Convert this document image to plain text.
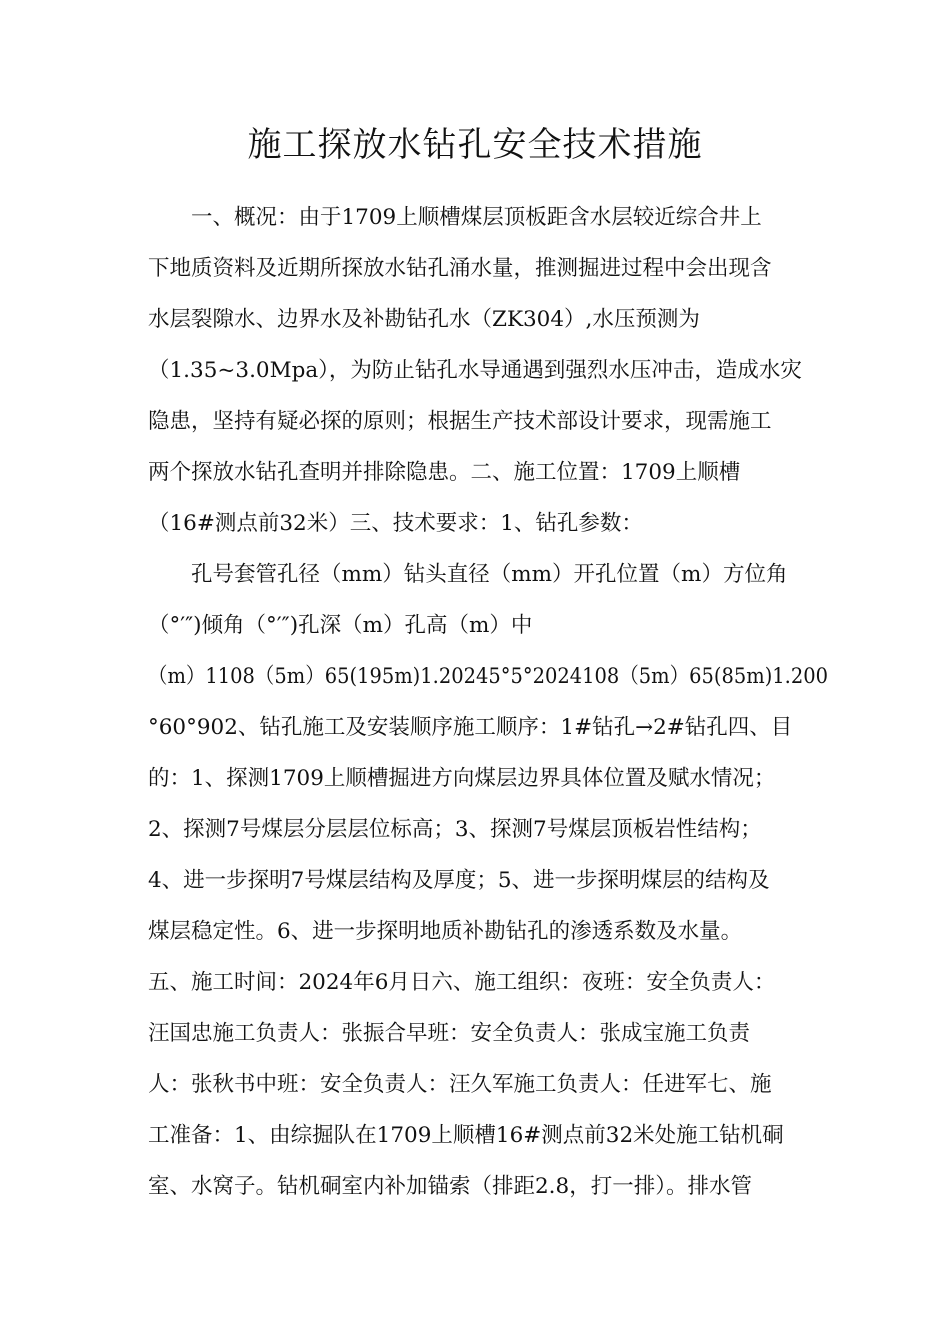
施工探放水钻孔安全技术措施
一、概况：由于1709上顺槽煤层顶板距含水层较近综合井上
下地质资料及近期所探放水钻孔涌水量，推测掘进过程中会出现含
水层裂隙水、边界水及补勘钻孔水（ZK304）,水压预测为
（1.35~3.0Mpa），为防止钻孔水导通遇到强烈水压冲击，造成水灾
隐患，坚持有疑必探的原则；根据生产技术部设计要求，现需施工
两个探放水钻孔查明并排除隐患。二、施工位置：1709上顺槽
（16#测点前32米）三、技术要求：1、钻孔参数：
孔号套管孔径（mm）钻头直径（mm）开孔位置（m）方位角
（°′″)倾角（°′″)孔深（m）孔高（m）中
（m）1108（5m）65(195m)1.20245°5°2024108（5m）65(85m)1.200
°60°902、钻孔施工及安装顺序施工顺序：1#钻孔→2#钻孔四、目
的：1、探测1709上顺槽掘进方向煤层边界具体位置及赋水情况；
2、探测7号煤层分层层位标高；3、探测7号煤层顶板岩性结构；
4、进一步探明7号煤层结构及厚度；5、进一步探明煤层的结构及
煤层稳定性。6、进一步探明地质补勘钻孔的渗透系数及水量。
五、施工时间：2024年6月日六、施工组织：夜班：安全负责人：
汪国忠施工负责人：张振合早班：安全负责人：张成宝施工负责
人：张秋书中班：安全负责人：汪久军施工负责人：任进军七、施
工准备：1、由综掘队在1709上顺槽16#测点前32米处施工钻机硐
室、水窝子。钻机硐室内补加锚索（排距2.8，打一排）。排水管
